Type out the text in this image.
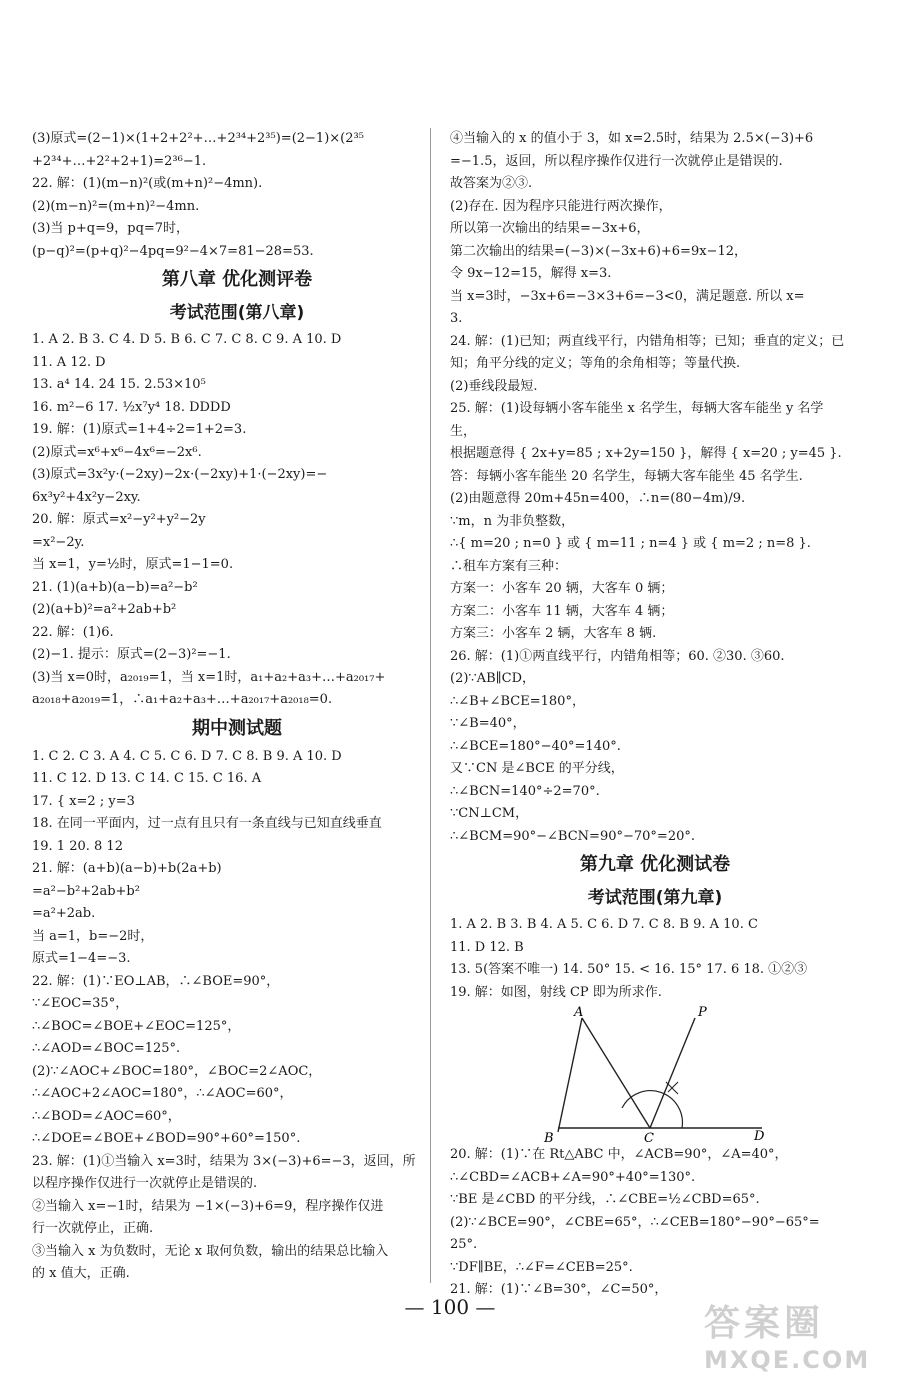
(3)原式=(2−1)×(1+2+2²+…+2³⁴+2³⁵)=(2−1)×(2³⁵
+2³⁴+…+2²+2+1)=2³⁶−1.
22. 解：(1)(m−n)²(或(m+n)²−4mn).
(2)(m−n)²=(m+n)²−4mn.
(3)当 p+q=9，pq=7时，
(p−q)²=(p+q)²−4pq=9²−4×7=81−28=53.
第八章 优化测评卷
考试范围(第八章)
1. A 2. B 3. C 4. D 5. B 6. C 7. C 8. C 9. A 10. D
11. A 12. D
13. a⁴ 14. 24 15. 2.53×10⁵
16. m²−6 17. ½x⁷y⁴ 18. DDDD
19. 解：(1)原式=1+4÷2=1+2=3.
(2)原式=x⁶+x⁶−4x⁶=−2x⁶.
(3)原式=3x²y·(−2xy)−2x·(−2xy)+1·(−2xy)=−
6x³y²+4x²y−2xy.
20. 解：原式=x²−y²+y²−2y
=x²−2y.
当 x=1，y=½时，原式=1−1=0.
21. (1)(a+b)(a−b)=a²−b²
(2)(a+b)²=a²+2ab+b²
22. 解：(1)6.
(2)−1. 提示：原式=(2−3)²=−1.
(3)当 x=0时，a₂₀₁₉=1，当 x=1时，a₁+a₂+a₃+…+a₂₀₁₇+
a₂₀₁₈+a₂₀₁₉=1，∴a₁+a₂+a₃+…+a₂₀₁₇+a₂₀₁₈=0.
期中测试题
1. C 2. C 3. A 4. C 5. C 6. D 7. C 8. B 9. A 10. D
11. C 12. D 13. C 14. C 15. C 16. A
17. { x=2 ; y=3
18. 在同一平面内，过一点有且只有一条直线与已知直线垂直
19. 1 20. 8 12
21. 解：(a+b)(a−b)+b(2a+b)
=a²−b²+2ab+b²
=a²+2ab.
当 a=1，b=−2时，
原式=1−4=−3.
22. 解：(1)∵EO⊥AB，∴∠BOE=90°，
∵∠EOC=35°，
∴∠BOC=∠BOE+∠EOC=125°，
∴∠AOD=∠BOC=125°.
(2)∵∠AOC+∠BOC=180°，∠BOC=2∠AOC，
∴∠AOC+2∠AOC=180°，∴∠AOC=60°，
∴∠BOD=∠AOC=60°，
∴∠DOE=∠BOE+∠BOD=90°+60°=150°.
23. 解：(1)①当输入 x=3时，结果为 3×(−3)+6=−3，返回，所
以程序操作仅进行一次就停止是错误的.
②当输入 x=−1时，结果为 −1×(−3)+6=9，程序操作仅进
行一次就停止，正确.
③当输入 x 为负数时，无论 x 取何负数，输出的结果总比输入
的 x 值大，正确.
④当输入的 x 的值小于 3，如 x=2.5时，结果为 2.5×(−3)+6
=−1.5，返回，所以程序操作仅进行一次就停止是错误的.
故答案为②③.
(2)存在. 因为程序只能进行两次操作，
所以第一次输出的结果=−3x+6，
第二次输出的结果=(−3)×(−3x+6)+6=9x−12，
令 9x−12=15，解得 x=3.
当 x=3时，−3x+6=−3×3+6=−3<0，满足题意. 所以 x=
3.
24. 解：(1)已知；两直线平行，内错角相等；已知；垂直的定义；已
知；角平分线的定义；等角的余角相等；等量代换.
(2)垂线段最短.
25. 解：(1)设每辆小客车能坐 x 名学生，每辆大客车能坐 y 名学
生，
根据题意得 { 2x+y=85 ; x+2y=150 }，解得 { x=20 ; y=45 }.
答：每辆小客车能坐 20 名学生，每辆大客车能坐 45 名学生.
(2)由题意得 20m+45n=400，∴n=(80−4m)/9.
∵m，n 为非负整数，
∴{ m=20 ; n=0 } 或 { m=11 ; n=4 } 或 { m=2 ; n=8 }.
∴租车方案有三种：
方案一：小客车 20 辆，大客车 0 辆；
方案二：小客车 11 辆，大客车 4 辆；
方案三：小客车 2 辆，大客车 8 辆.
26. 解：(1)①两直线平行，内错角相等；60. ②30. ③60.
(2)∵AB∥CD，
∴∠B+∠BCE=180°，
∵∠B=40°，
∴∠BCE=180°−40°=140°.
又∵CN 是∠BCE 的平分线，
∴∠BCN=140°÷2=70°.
∵CN⊥CM，
∴∠BCM=90°−∠BCN=90°−70°=20°.
第九章 优化测试卷
考试范围(第九章)
1. A 2. B 3. B 4. A 5. C 6. D 7. C 8. B 9. A 10. C
11. D 12. B
13. 5(答案不唯一) 14. 50° 15. < 16. 15° 17. 6 18. ①②③
19. 解：如图，射线 CP 即为所求作.
A	P
B	C	D
20. 解：(1)∵在 Rt△ABC 中，∠ACB=90°，∠A=40°，
∴∠CBD=∠ACB+∠A=90°+40°=130°.
∵BE 是∠CBD 的平分线，∴∠CBE=½∠CBD=65°.
(2)∵∠BCE=90°，∠CBE=65°，∴∠CEB=180°−90°−65°=
25°.
∵DF∥BE，∴∠F=∠CEB=25°.
21. 解：(1)∵∠B=30°，∠C=50°，
— 100 —	答案圈
MXQE.COM
